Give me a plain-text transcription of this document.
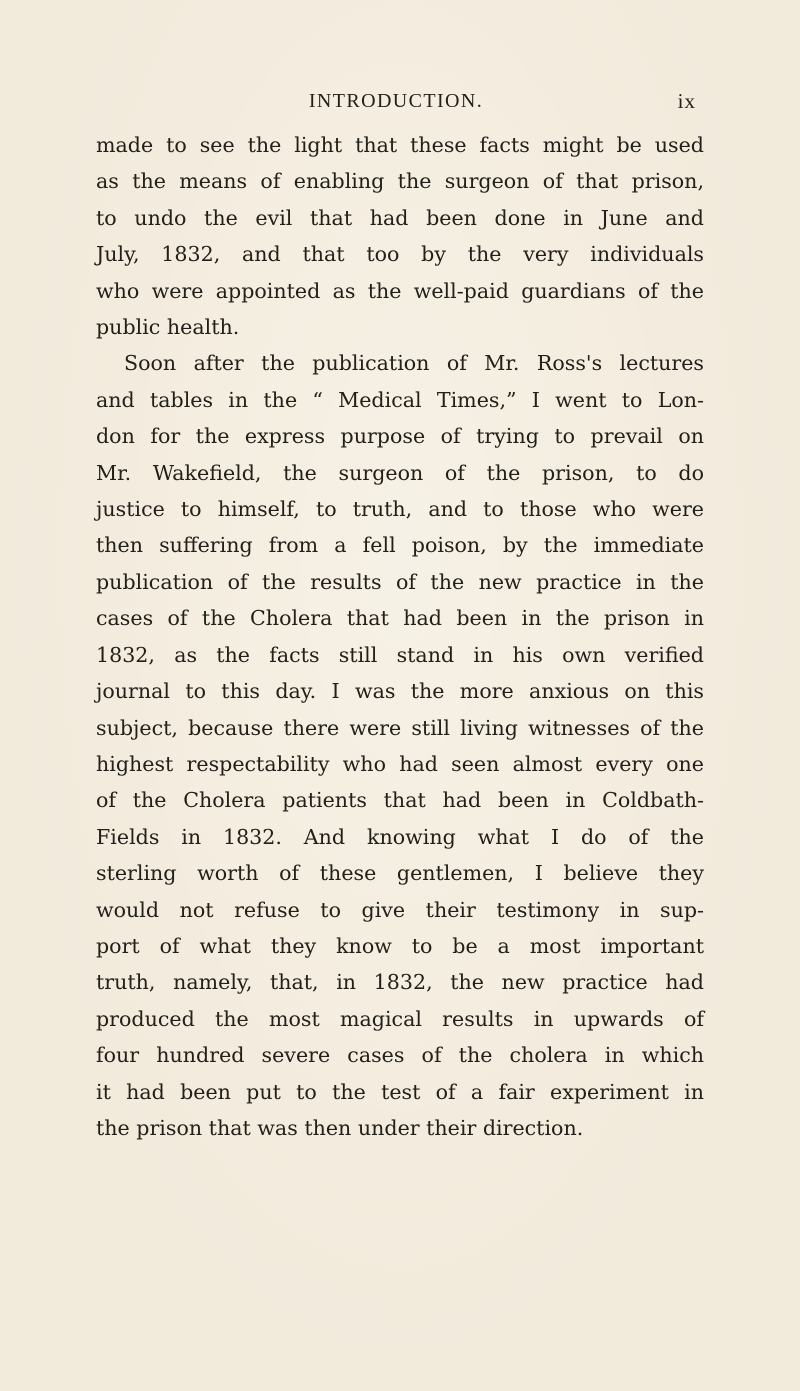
INTRODUCTION.	ix
made to see the light that these facts might be used
as the means of enabling the surgeon of that prison,
to undo the evil that had been done in June and
July, 1832, and that too by the very individuals
who were appointed as the well-paid guardians of the
public health.
Soon after the publication of Mr. Ross's lectures
and tables in the “ Medical Times,” I went to Lon-
don for the express purpose of trying to prevail on
Mr. Wakefield, the surgeon of the prison, to do
justice to himself, to truth, and to those who were
then suffering from a fell poison, by the immediate
publication of the results of the new practice in the
cases of the Cholera that had been in the prison in
1832, as the facts still stand in his own verified
journal to this day. I was the more anxious on this
subject, because there were still living witnesses of the
highest respectability who had seen almost every one
of the Cholera patients that had been in Coldbath-
Fields in 1832. And knowing what I do of the
sterling worth of these gentlemen, I believe they
would not refuse to give their testimony in sup-
port of what they know to be a most important
truth, namely, that, in 1832, the new practice had
produced the most magical results in upwards of
four hundred severe cases of the cholera in which
it had been put to the test of a fair experiment in
the prison that was then under their direction.
